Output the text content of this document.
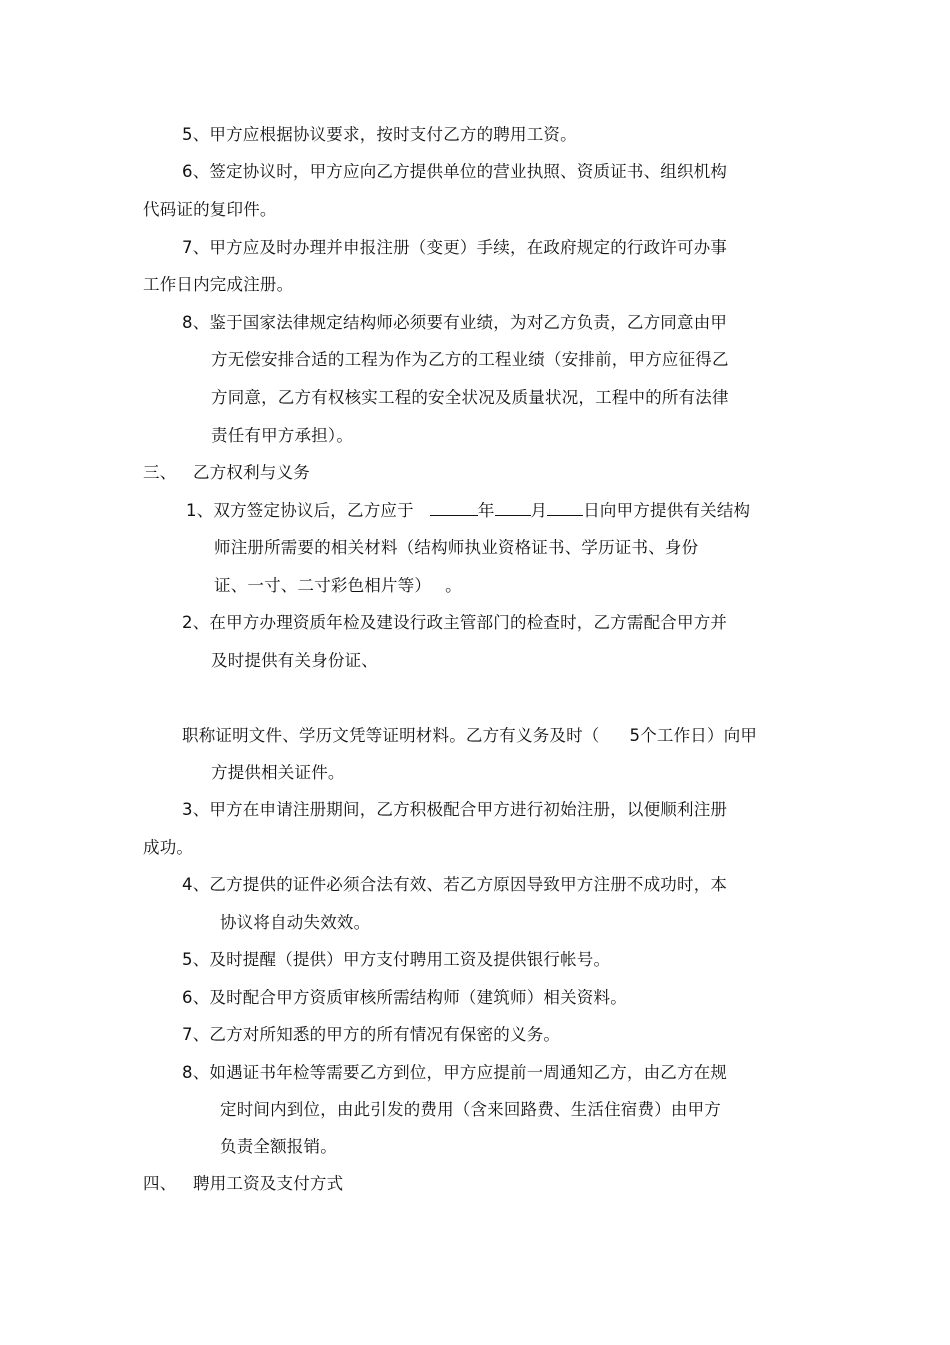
5、甲方应根据协议要求，按时支付乙方的聘用工资。
6、签定协议时，甲方应向乙方提供单位的营业执照、资质证书、组织机构
代码证的复印件。
7、甲方应及时办理并申报注册（变更）手续，在政府规定的行政许可办事
工作日内完成注册。
8、鉴于国家法律规定结构师必须要有业绩，为对乙方负责，乙方同意由甲
方无偿安排合适的工程为作为乙方的工程业绩（安排前，甲方应征得乙
方同意，乙方有权核实工程的安全状况及质量状况，工程中的所有法律
责任有甲方承担）。
三、 乙方权利与义务
1、双方签定协议后，乙方应于	年 月 日向甲方提供有关结构
师注册所需要的相关材料（结构师执业资格证书、学历证书、身份
证、一寸、二寸彩色相片等） 。
2、在甲方办理资质年检及建设行政主管部门的检查时，乙方需配合甲方并
及时提供有关身份证、
职称证明文件、学历文凭等证明材料。乙方有义务及时（ 5个工作日）向甲
方提供相关证件。
3、甲方在申请注册期间，乙方积极配合甲方进行初始注册，以便顺利注册
成功。
4、乙方提供的证件必须合法有效、若乙方原因导致甲方注册不成功时，本
协议将自动失效效。
5、及时提醒（提供）甲方支付聘用工资及提供银行帐号。
6、及时配合甲方资质审核所需结构师（建筑师）相关资料。
7、乙方对所知悉的甲方的所有情况有保密的义务。
8、如遇证书年检等需要乙方到位，甲方应提前一周通知乙方，由乙方在规
定时间内到位，由此引发的费用（含来回路费、生活住宿费）由甲方
负责全额报销。
四、 聘用工资及支付方式
